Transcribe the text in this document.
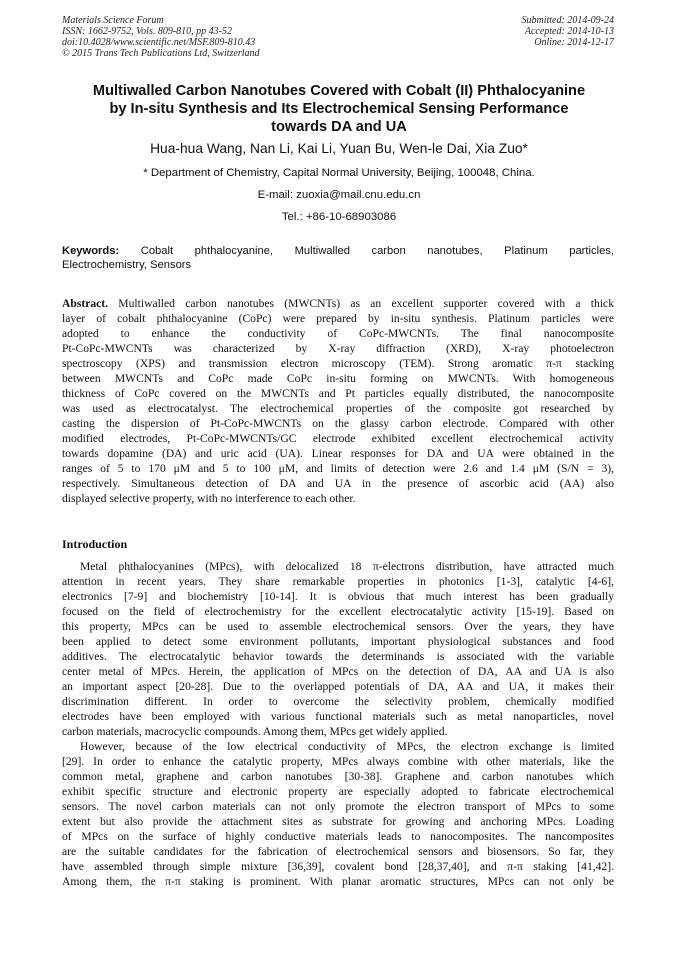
Materials Science Forum
ISSN: 1662-9752, Vols. 809-810, pp 43-52
doi:10.4028/www.scientific.net/MSF.809-810.43
© 2015 Trans Tech Publications Ltd, Switzerland
Submitted: 2014-09-24
Accepted: 2014-10-13
Online: 2014-12-17
Multiwalled Carbon Nanotubes Covered with Cobalt (II) Phthalocyanine
by In-situ Synthesis and Its Electrochemical Sensing Performance
towards DA and UA
Hua-hua Wang, Nan Li, Kai Li, Yuan Bu, Wen-le Dai, Xia Zuo*
* Department of Chemistry, Capital Normal University, Beijing, 100048, China.
E-mail: zuoxia@mail.cnu.edu.cn
Tel.: +86-10-68903086
Keywords: Cobalt phthalocyanine, Multiwalled carbon nanotubes, Platinum particles,
Electrochemistry, Sensors
Abstract. Multiwalled carbon nanotubes (MWCNTs) as an excellent supporter covered with a thick
layer of cobalt phthalocyanine (CoPc) were prepared by in-situ synthesis. Platinum particles were
adopted to enhance the conductivity of CoPc-MWCNTs. The final nanocomposite
Pt-CoPc-MWCNTs was characterized by X-ray diffraction (XRD), X-ray photoelectron
spectroscopy (XPS) and transmission electron microscopy (TEM). Strong aromatic π-π stacking
between MWCNTs and CoPc made CoPc in-situ forming on MWCNTs. With homogeneous
thickness of CoPc covered on the MWCNTs and Pt particles equally distributed, the nanocomposite
was used as electrocatalyst. The electrochemical properties of the composite got researched by
casting the dispersion of Pt-CoPc-MWCNTs on the glassy carbon electrode. Compared with other
modified electrodes, Pt-CoPc-MWCNTs/GC electrode exhibited excellent electrochemical activity
towards dopamine (DA) and uric acid (UA). Linear responses for DA and UA were obtained in the
ranges of 5 to 170 μM and 5 to 100 μM, and limits of detection were 2.6 and 1.4 μM (S/N = 3),
respectively. Simultaneous detection of DA and UA in the presence of ascorbic acid (AA) also
displayed selective property, with no interference to each other.
Introduction
Metal phthalocyanines (MPcs), with delocalized 18 π-electrons distribution, have attracted much
attention in recent years. They share remarkable properties in photonics [1-3], catalytic [4-6],
electronics [7-9] and biochemistry [10-14]. It is obvious that much interest has been gradually
focused on the field of electrochemistry for the excellent electrocatalytic activity [15-19]. Based on
this property, MPcs can be used to assemble electrochemical sensors. Over the years, they have
been applied to detect some environment pollutants, important physiological substances and food
additives. The electrocatalytic behavior towards the determinands is associated with the variable
center metal of MPcs. Herein, the application of MPcs on the detection of DA, AA and UA is also
an important aspect [20-28]. Due to the overlapped potentials of DA, AA and UA, it makes their
discrimination different. In order to overcome the selectivity problem, chemically modified
electrodes have been employed with various functional materials such as metal nanoparticles, novel
carbon materials, macrocyclic compounds. Among them, MPcs get widely applied.
However, because of the low electrical conductivity of MPcs, the electron exchange is limited
[29]. In order to enhance the catalytic property, MPcs always combine with other materials, like the
common metal, graphene and carbon nanotubes [30-38]. Graphene and carbon nanotubes which
exhibit specific structure and electronic property are especially adopted to fabricate electrochemical
sensors. The novel carbon materials can not only promote the electron transport of MPcs to some
extent but also provide the attachment sites as substrate for growing and anchoring MPcs. Loading
of MPcs on the surface of highly conductive materials leads to nanocomposites. The nancomposites
are the suitable candidates for the fabrication of electrochemical sensors and biosensors. So far, they
have assembled through simple mixture [36,39], covalent bond [28,37,40], and π-π staking [41,42].
Among them, the π-π staking is prominent. With planar aromatic structures, MPcs can not only be
